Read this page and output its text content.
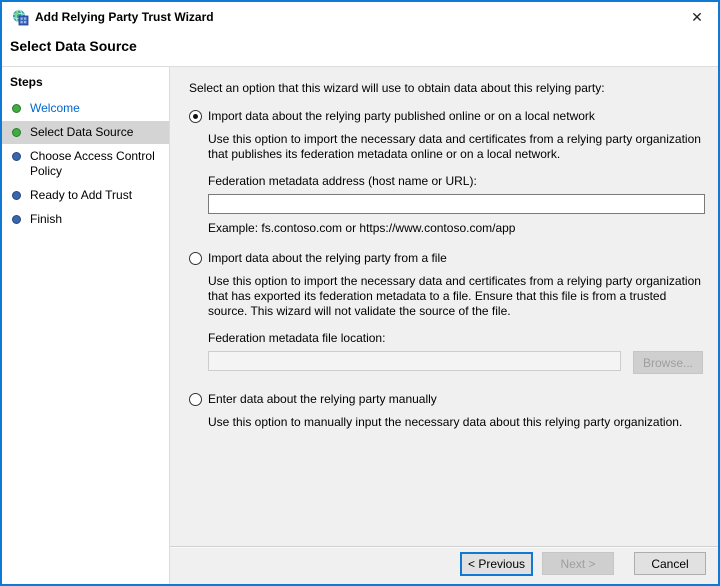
Add Relying Party Trust Wizard	✕
Select Data Source
Steps
Welcome
Select Data Source
Choose Access Control Policy
Ready to Add Trust
Finish
Select an option that this wizard will use to obtain data about this relying party:
Import data about the relying party published online or on a local network
Use this option to import the necessary data and certificates from a relying party organization that publishes its federation metadata online or on a local network.
Federation metadata address (host name or URL):
Example: fs.contoso.com or https://www.contoso.com/app
Import data about the relying party from a file
Use this option to import the necessary data and certificates from a relying party organization that has exported its federation metadata to a file. Ensure that this file is from a trusted source. This wizard will not validate the source of the file.
Federation metadata file location:
Browse...
Enter data about the relying party manually
Use this option to manually input the necessary data about this relying party organization.
< Previous	Next >	Cancel
